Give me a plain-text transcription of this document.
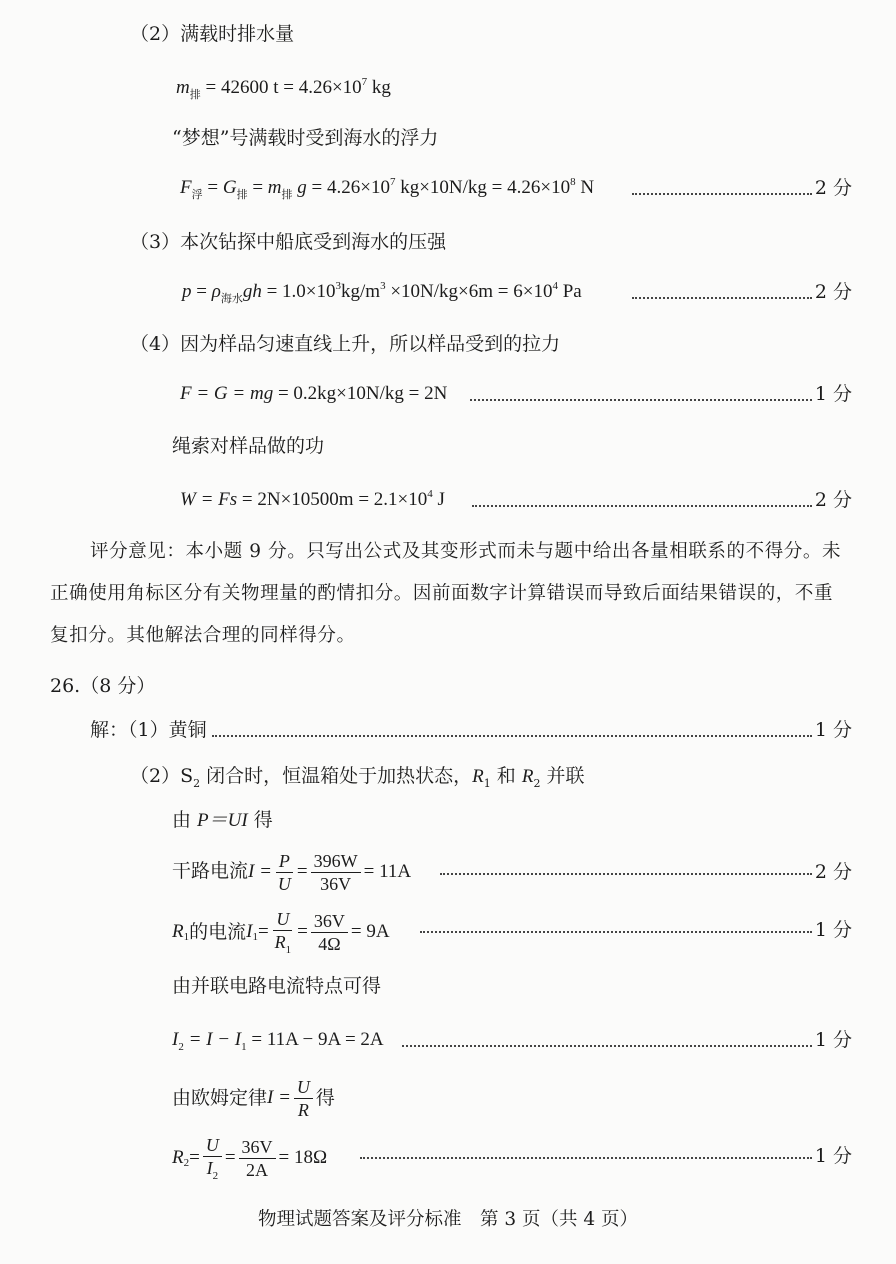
（2）满载时排水量
$m_排 = 42600$ $t = 4.26\times 10^7$ kg
“梦想”号满载时受到海水的浮力
$F_浮 = G_排 = m_排$ $g = 4.26\times 10^7$ $kg\times 10N/kg = 4.26\times 10^8$ N	2 分
（3）本次钻探中船底受到海水的压强
$p = \rho_{海水}gh = 1.0\times 10^3kg/m^3 \times 10N/kg\times 6m = 6\times 10^4$ Pa	2 分
（4）因为样品匀速直线上升，所以样品受到的拉力
F = G = mg = 0.2kg×10N/kg = 2N	1 分
绳索对样品做的功
$W = Fs = 2N\times 10500m = 2.1\times 10^4$ J	2 分
评分意见：本小题 9 分。只写出公式及其变形式而未与题中给出各量相联系的不得分。未
正确使用角标区分有关物理量的酌情扣分。因前面数字计算错误而导致后面结果错误的，不重
复扣分。其他解法合理的同样得分。
26.（8 分）
解：（1）黄铜	1 分
$(2)S_2$ 闭合时，恒温箱处于加热状态，$R_1$ 和 $R_2$ 并联
由 P＝UI 得
干路电流 $I = \frac{P}{U} = \frac{396W}{36V} = 11A$	2 分
R 1 的电流 I $1 = \frac{U}{R_1} = \frac{36V}{4\Omega} = 9A$	1 分
由并联电路电流特点可得
$I_2 = I - I_1 = 11A - 9A = 2A$	1 分
由欧姆定律 $I = \frac{U}{R}$ 得
R $2 = \frac{U}{I_2} = \frac{36V}{2A} = 18\Omega$	1 分
物理试题答案及评分标准　第 3 页（共 4 页）
